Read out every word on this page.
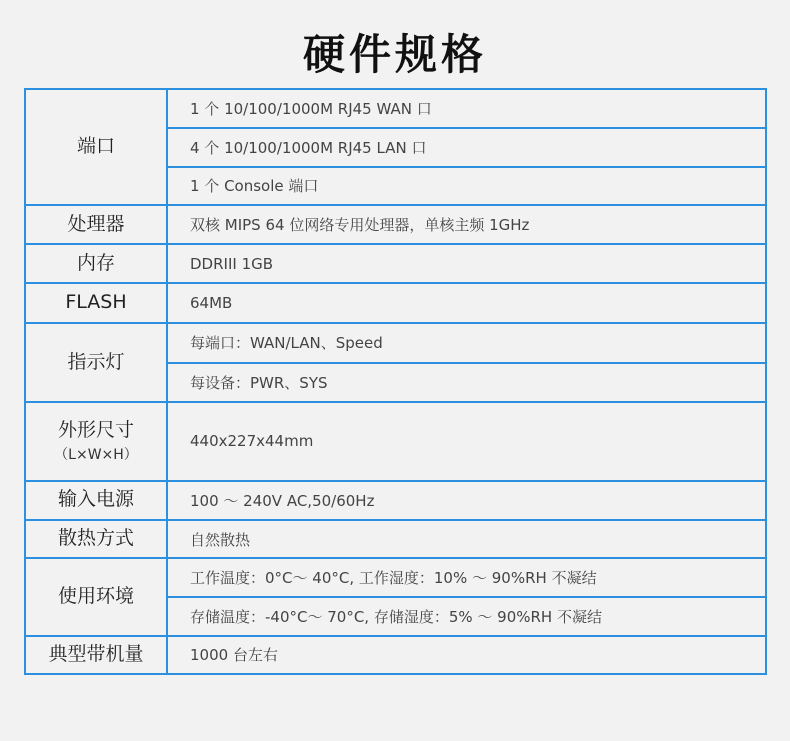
硬件规格
端口	1 个 10/100/1000M RJ45 WAN 口
	4 个 10/100/1000M RJ45 LAN 口
	1 个 Console 端口
处理器	双核 MIPS 64 位网络专用处理器，单核主频 1GHz
内存	DDRIII 1GB
FLASH	64MB
指示灯	每端口：WAN/LAN、Speed
	每设备：PWR、SYS
外形尺寸
（L×W×H）	440x227x44mm
输入电源	100 ～ 240V AC,50/60Hz
散热方式	自然散热
使用环境	工作温度：0°C～ 40°C, 工作湿度：10% ～ 90%RH 不凝结
	存储温度：-40°C～ 70°C, 存储湿度：5% ～ 90%RH 不凝结
典型带机量	1000 台左右
